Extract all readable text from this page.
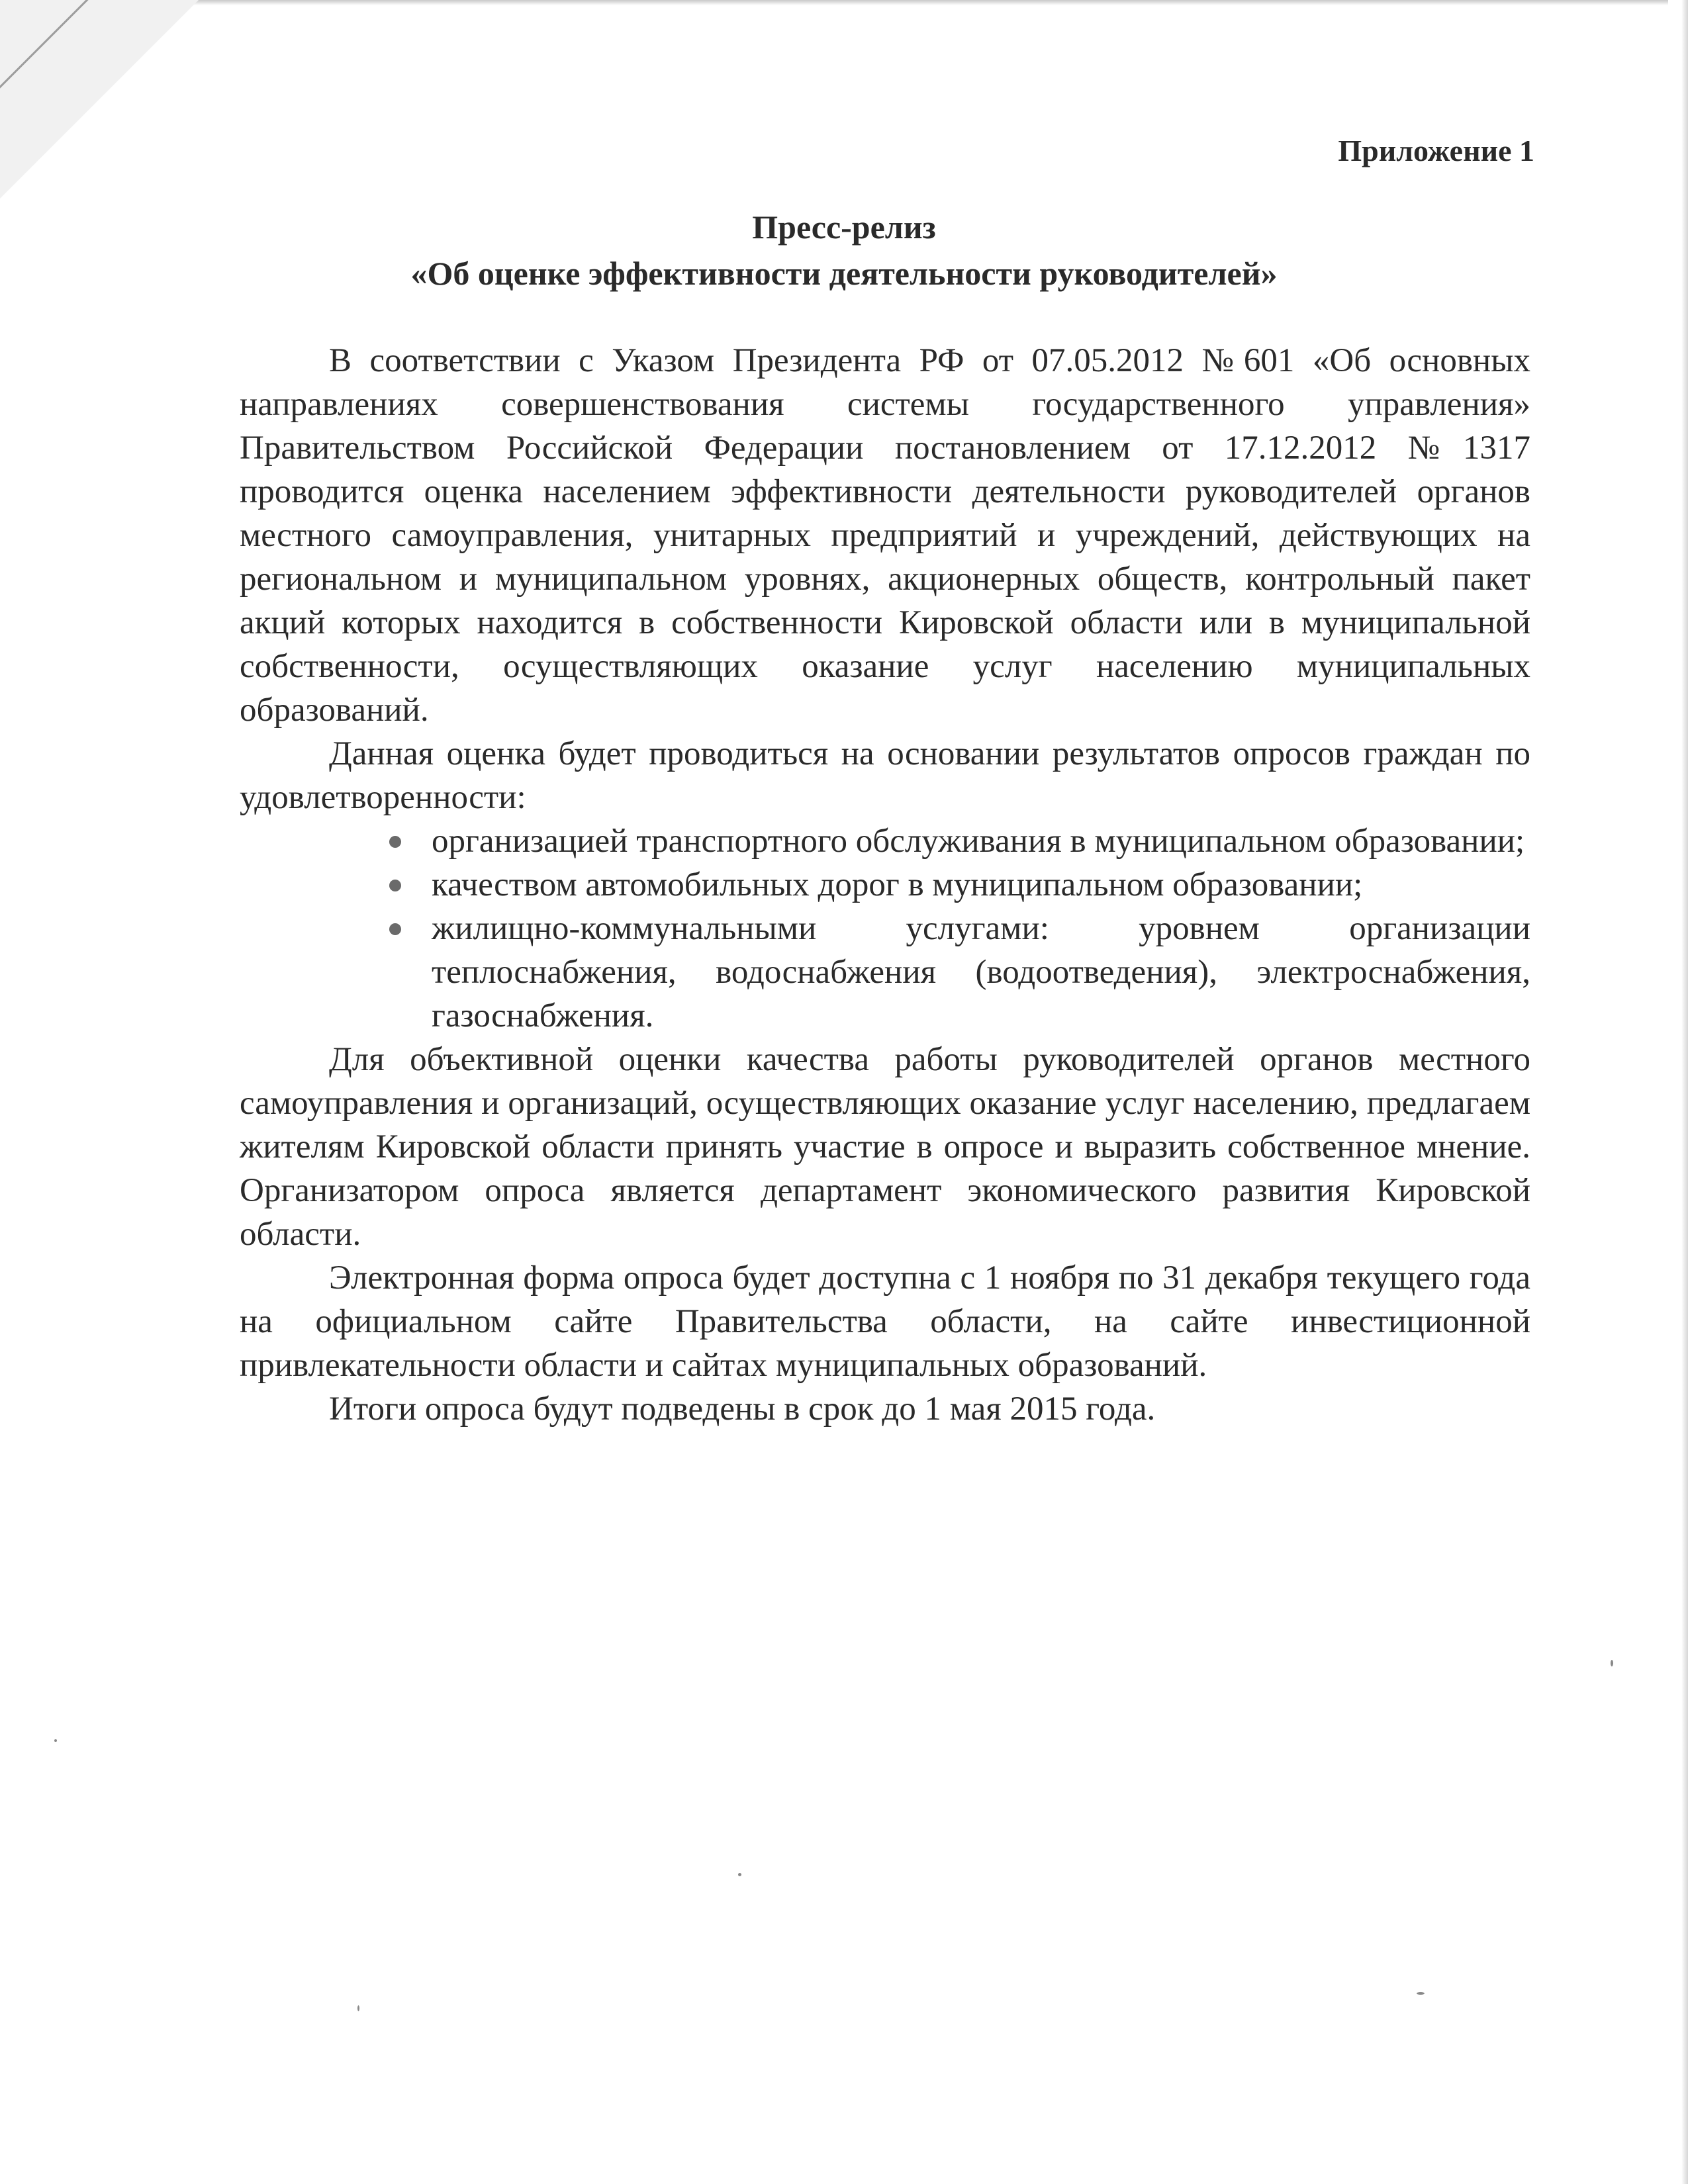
Приложение 1
Пресс-релиз
«Об оценке эффективности деятельности руководителей»

В соответствии с Указом Президента РФ от 07.05.2012 №601 «Об основных направлениях совершенствования системы государственного управления» Правительством Российской Федерации постановлением от 17.12.2012 №1317 проводится оценка населением эффективности деятельности руководителей органов местного самоуправления, унитарных предприятий и учреждений, действующих на региональном и муниципальном уровнях, акционерных обществ, контрольный пакет акций которых находится в собственности Кировской области или в муниципальной собственности, осуществляющих оказание услуг населению муниципальных образований.

Данная оценка будет проводиться на основании результатов опросов граждан по удовлетворенности:

организацией транспортного обслуживания в муниципальном образовании;
качеством автомобильных дорог в муниципальном образовании;
жилищно-коммунальными услугами: уровнем организации теплоснабжения, водоснабжения (водоотведения), электроснабжения, газоснабжения.

Для объективной оценки качества работы руководителей органов местного самоуправления и организаций, осуществляющих оказание услуг населению, предлагаем жителям Кировской области принять участие в опросе и выразить собственное мнение. Организатором опроса является департамент экономического развития Кировской области.

Электронная форма опроса будет доступна с 1 ноября по 31 декабря текущего года на официальном сайте Правительства области, на сайте инвестиционной привлекательности области и сайтах муниципальных образований.

Итоги опроса будут подведены в срок до 1 мая 2015 года.
